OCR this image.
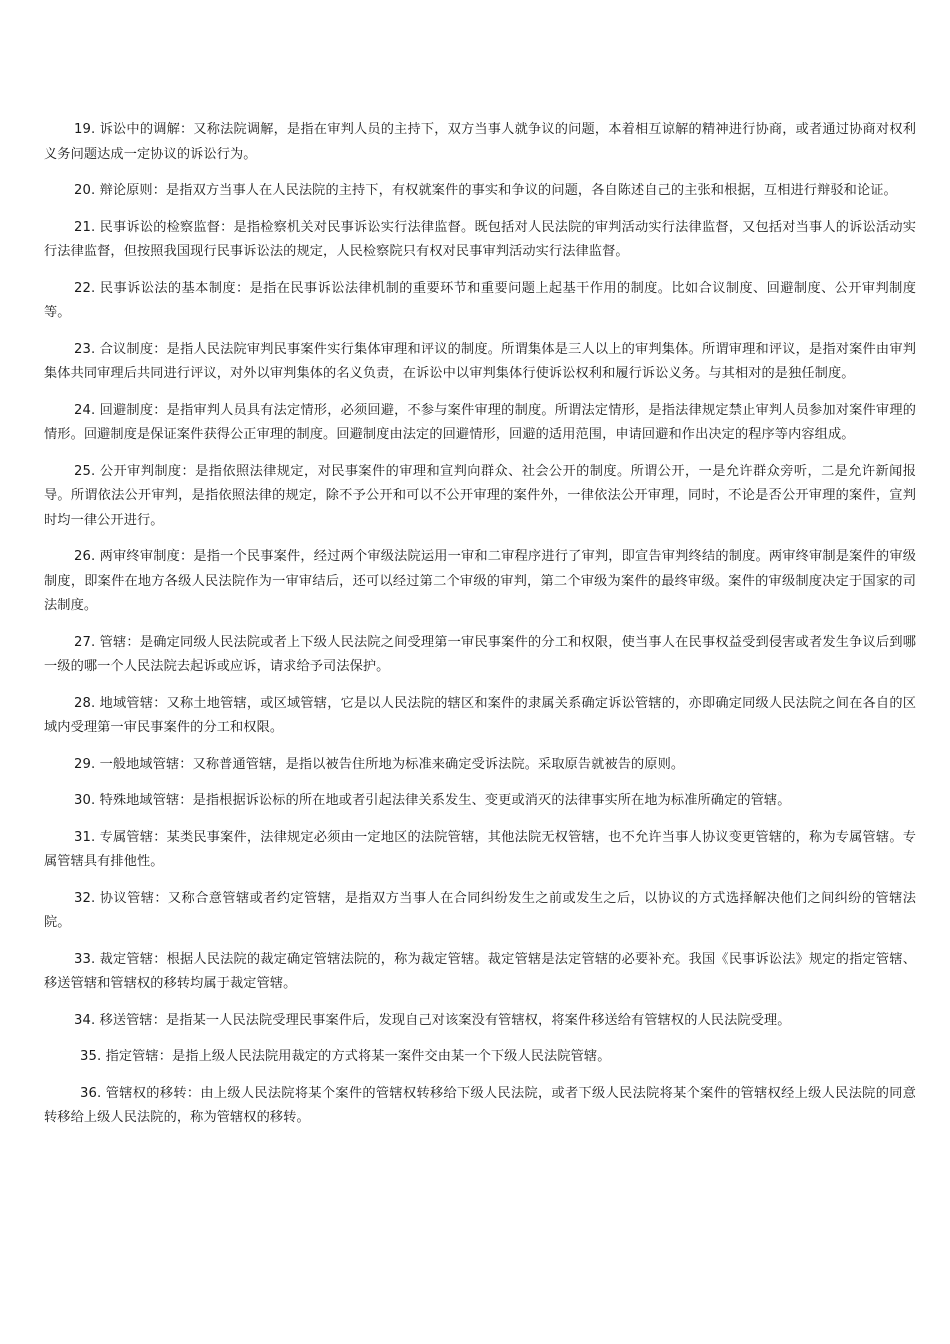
19. 诉讼中的调解：又称法院调解，是指在审判人员的主持下，双方当事人就争议的问题，本着相互谅解的精神进行协商，或者通过协商对权利义务问题达成一定协议的诉讼行为。

20. 辩论原则：是指双方当事人在人民法院的主持下，有权就案件的事实和争议的问题，各自陈述自己的主张和根据，互相进行辩驳和论证。

21. 民事诉讼的检察监督：是指检察机关对民事诉讼实行法律监督。既包括对人民法院的审判活动实行法律监督，又包括对当事人的诉讼活动实行法律监督，但按照我国现行民事诉讼法的规定，人民检察院只有权对民事审判活动实行法律监督。

22. 民事诉讼法的基本制度：是指在民事诉讼法律机制的重要环节和重要问题上起基干作用的制度。比如合议制度、回避制度、公开审判制度等。

23. 合议制度：是指人民法院审判民事案件实行集体审理和评议的制度。所谓集体是三人以上的审判集体。所谓审理和评议，是指对案件由审判集体共同审理后共同进行评议，对外以审判集体的名义负责，在诉讼中以审判集体行使诉讼权利和履行诉讼义务。与其相对的是独任制度。

24. 回避制度：是指审判人员具有法定情形，必须回避，不参与案件审理的制度。所谓法定情形，是指法律规定禁止审判人员参加对案件审理的情形。回避制度是保证案件获得公正审理的制度。回避制度由法定的回避情形，回避的适用范围，申请回避和作出决定的程序等内容组成。

25. 公开审判制度：是指依照法律规定，对民事案件的审理和宣判向群众、社会公开的制度。所谓公开，一是允许群众旁听，二是允许新闻报导。所谓依法公开审判，是指依照法律的规定，除不予公开和可以不公开审理的案件外，一律依法公开审理，同时，不论是否公开审理的案件，宣判时均一律公开进行。

26. 两审终审制度：是指一个民事案件，经过两个审级法院运用一审和二审程序进行了审判，即宣告审判终结的制度。两审终审制是案件的审级制度，即案件在地方各级人民法院作为一审审结后，还可以经过第二个审级的审判，第二个审级为案件的最终审级。案件的审级制度决定于国家的司法制度。

27. 管辖：是确定同级人民法院或者上下级人民法院之间受理第一审民事案件的分工和权限，使当事人在民事权益受到侵害或者发生争议后到哪一级的哪一个人民法院去起诉或应诉，请求给予司法保护。

28. 地域管辖：又称土地管辖，或区域管辖，它是以人民法院的辖区和案件的隶属关系确定诉讼管辖的，亦即确定同级人民法院之间在各自的区域内受理第一审民事案件的分工和权限。

29. 一般地域管辖：又称普通管辖，是指以被告住所地为标准来确定受诉法院。采取原告就被告的原则。

30. 特殊地域管辖：是指根据诉讼标的所在地或者引起法律关系发生、变更或消灭的法律事实所在地为标准所确定的管辖。

31. 专属管辖：某类民事案件，法律规定必须由一定地区的法院管辖，其他法院无权管辖，也不允许当事人协议变更管辖的，称为专属管辖。专属管辖具有排他性。

32. 协议管辖：又称合意管辖或者约定管辖，是指双方当事人在合同纠纷发生之前或发生之后，以协议的方式选择解决他们之间纠纷的管辖法院。

33. 裁定管辖：根据人民法院的裁定确定管辖法院的，称为裁定管辖。裁定管辖是法定管辖的必要补充。我国《民事诉讼法》规定的指定管辖、移送管辖和管辖权的移转均属于裁定管辖。

34. 移送管辖：是指某一人民法院受理民事案件后，发现自己对该案没有管辖权，将案件移送给有管辖权的人民法院受理。

35. 指定管辖：是指上级人民法院用裁定的方式将某一案件交由某一个下级人民法院管辖。

36. 管辖权的移转：由上级人民法院将某个案件的管辖权转移给下级人民法院，或者下级人民法院将某个案件的管辖权经上级人民法院的同意转移给上级人民法院的，称为管辖权的移转。
